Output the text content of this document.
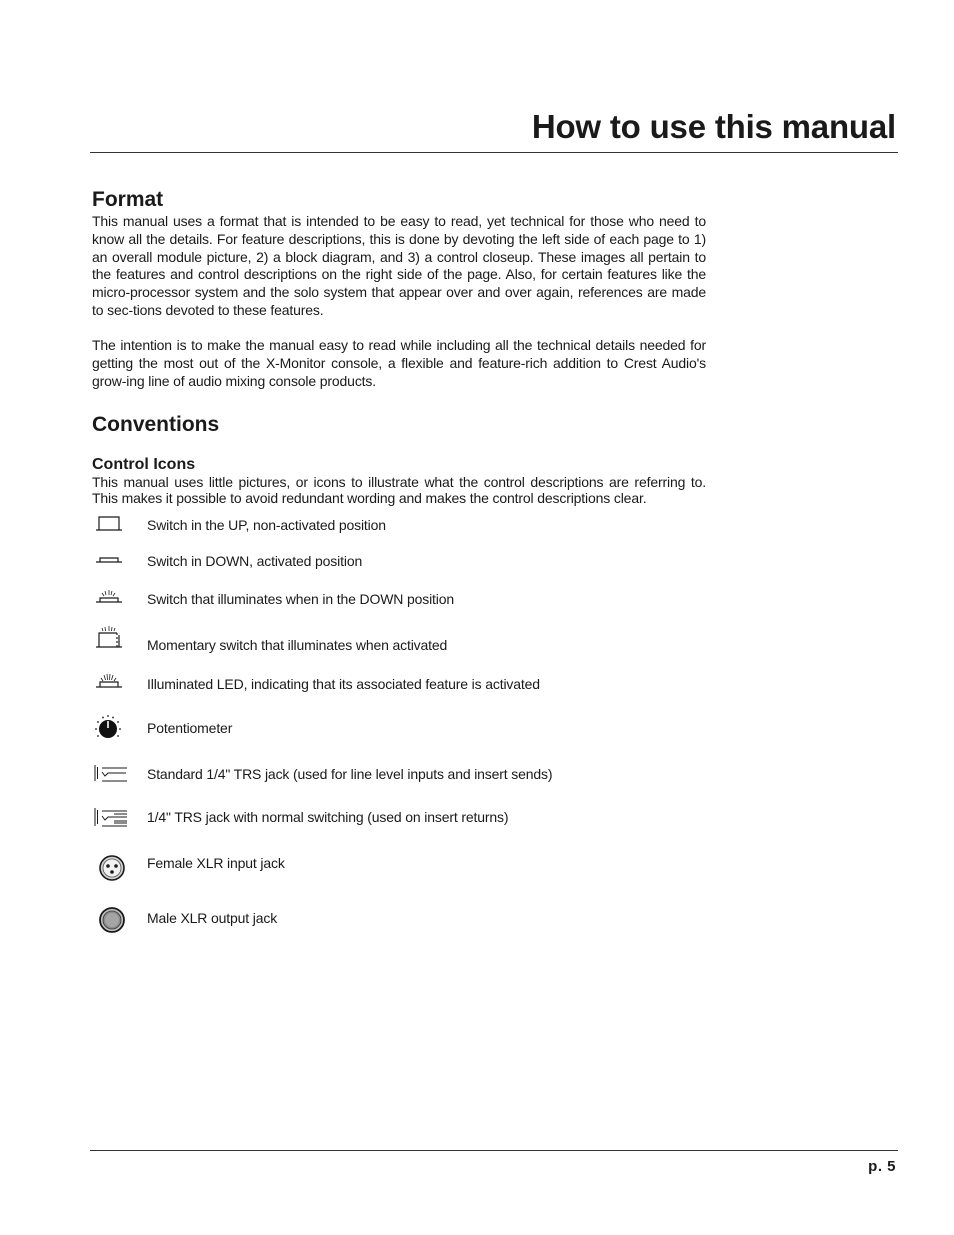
How to use this manual
Format

This manual uses a format that is intended to be easy to read, yet technical for those who need to know all the details. For feature descriptions, this is done by devoting the left side of each page to 1) an overall module picture, 2) a block diagram, and 3) a control closeup. These images all pertain to the features and control descriptions on the right side of the page. Also, for certain features like the micro-processor system and the solo system that appear over and over again, references are made to sec-tions devoted to these features.

The intention is to make the manual easy to read while including all the technical details needed for getting the most out of the X-Monitor console, a flexible and feature-rich addition to Crest Audio's grow-ing line of audio mixing console products.

Conventions
Control Icons

This manual uses little pictures, or icons to illustrate what the control descriptions are referring to. This makes it possible to avoid redundant wording and makes the control descriptions clear.

Switch in the UP, non-activated position
Switch in DOWN, activated position
Switch that illuminates when in the DOWN position
Momentary switch that illuminates when activated
Illuminated LED, indicating that its associated feature is activated
Potentiometer
Standard 1/4" TRS jack (used for line level inputs and insert sends)
1/4" TRS jack with normal switching (used on insert returns)
Female XLR input jack
Male XLR output jack
p. 5
